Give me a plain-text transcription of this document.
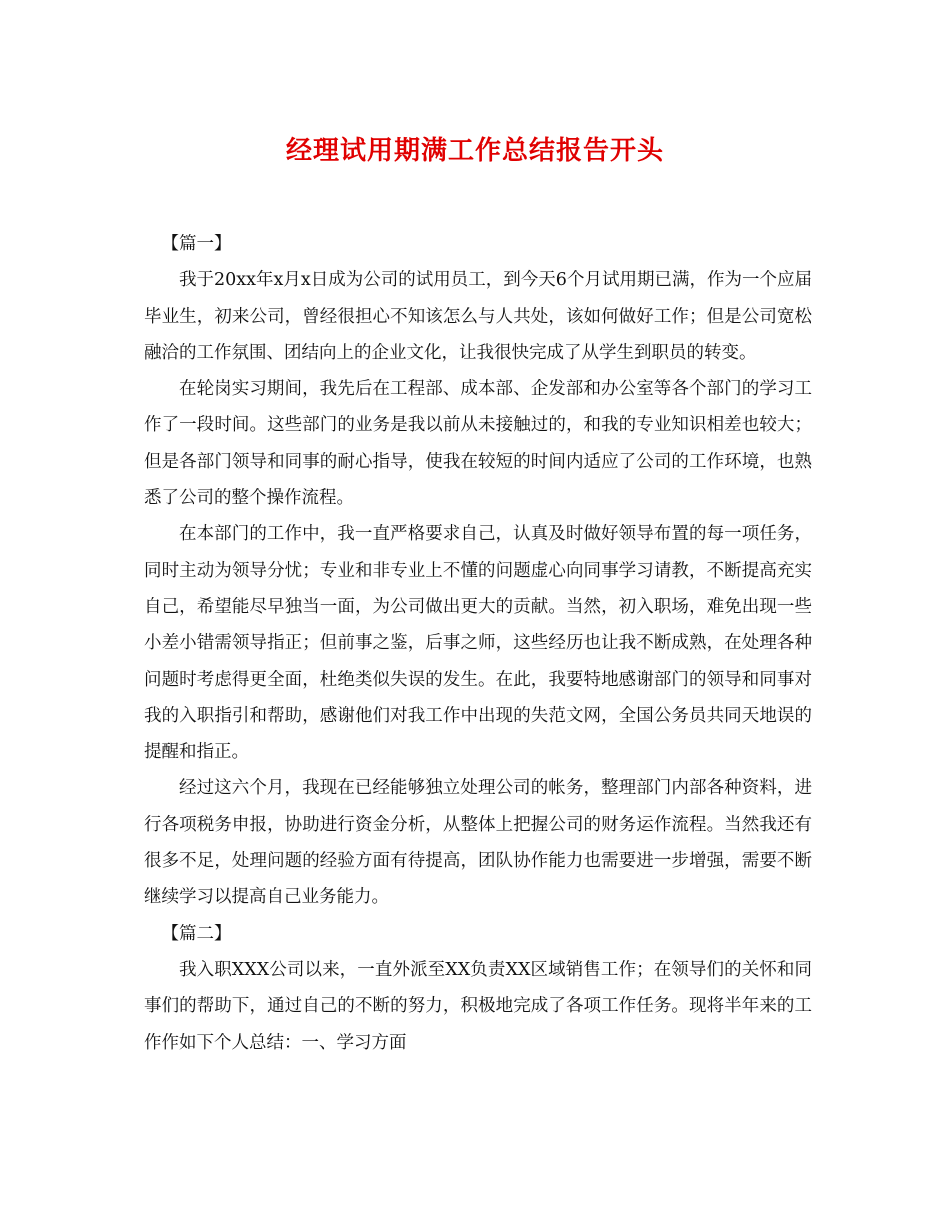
经理试用期满工作总结报告开头
【篇一】

我于20xx年x月x日成为公司的试用员工，到今天6个月试用期已满，作为一个应届毕业生，初来公司，曾经很担心不知该怎么与人共处，该如何做好工作；但是公司宽松融洽的工作氛围、团结向上的企业文化，让我很快完成了从学生到职员的转变。

在轮岗实习期间，我先后在工程部、成本部、企发部和办公室等各个部门的学习工作了一段时间。这些部门的业务是我以前从未接触过的，和我的专业知识相差也较大；但是各部门领导和同事的耐心指导，使我在较短的时间内适应了公司的工作环境，也熟悉了公司的整个操作流程。

在本部门的工作中，我一直严格要求自己，认真及时做好领导布置的每一项任务，同时主动为领导分忧；专业和非专业上不懂的问题虚心向同事学习请教，不断提高充实自己，希望能尽早独当一面，为公司做出更大的贡献。当然，初入职场，难免出现一些小差小错需领导指正；但前事之鉴，后事之师，这些经历也让我不断成熟，在处理各种问题时考虑得更全面，杜绝类似失误的发生。在此，我要特地感谢部门的领导和同事对我的入职指引和帮助，感谢他们对我工作中出现的失范文网，全国公务员共同天地误的提醒和指正。

经过这六个月，我现在已经能够独立处理公司的帐务，整理部门内部各种资料，进行各项税务申报，协助进行资金分析，从整体上把握公司的财务运作流程。当然我还有很多不足，处理问题的经验方面有待提高，团队协作能力也需要进一步增强，需要不断继续学习以提高自己业务能力。

【篇二】

我入职XXX公司以来，一直外派至XX负责XX区域销售工作；在领导们的关怀和同事们的帮助下，通过自己的不断的努力，积极地完成了各项工作任务。现将半年来的工作作如下个人总结：一、学习方面
